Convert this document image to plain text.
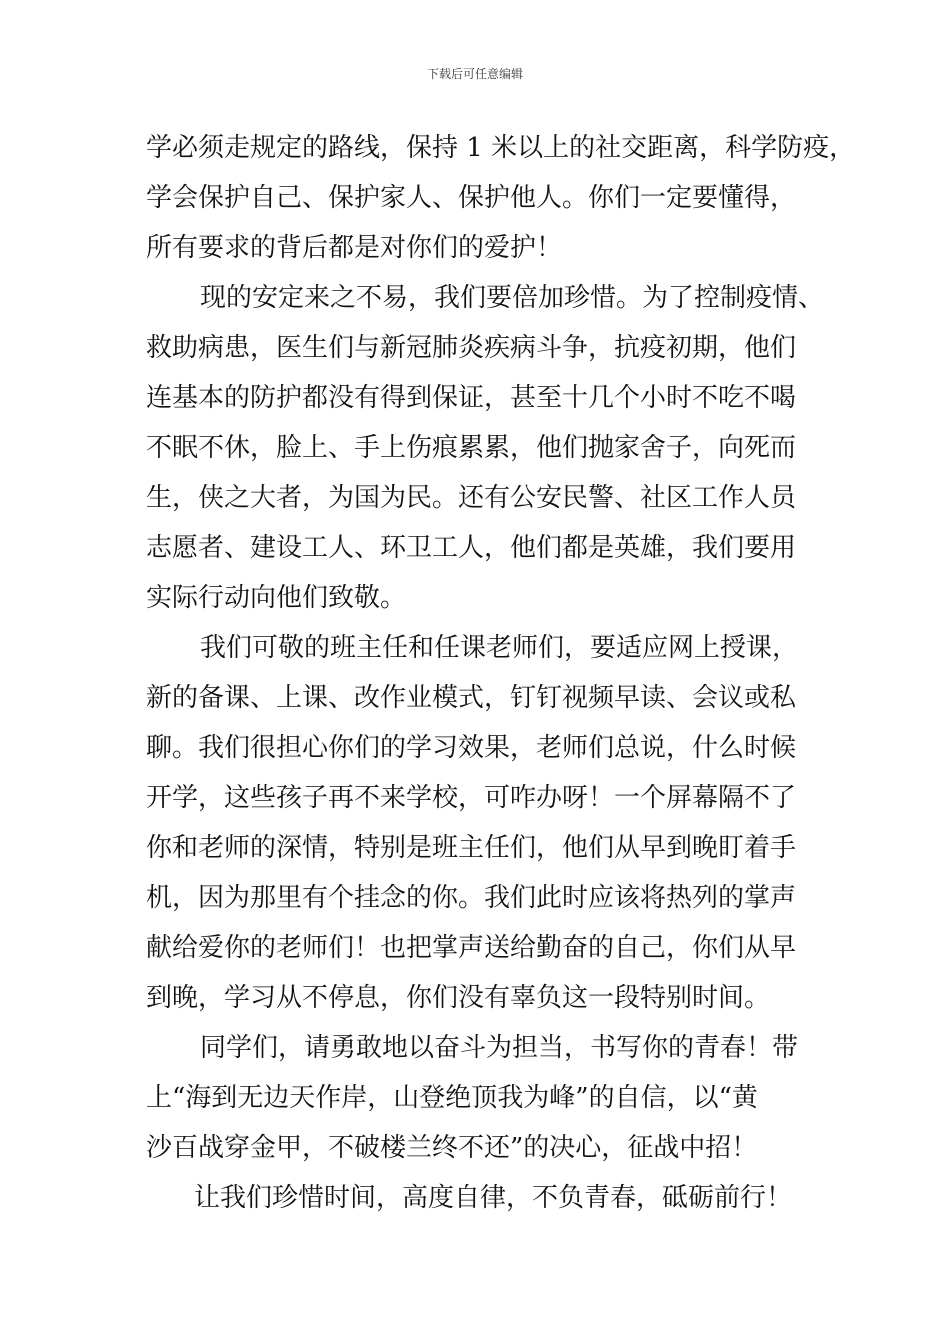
下载后可任意编辑
学必须走规定的路线，保持 1 米以上的社交距离，科学防疫，
学会保护自己、保护家人、保护他人。你们一定要懂得，
所有要求的背后都是对你们的爱护！
现的安定来之不易，我们要倍加珍惜。为了控制疫情、
救助病患，医生们与新冠肺炎疾病斗争，抗疫初期，他们
连基本的防护都没有得到保证，甚至十几个小时不吃不喝
不眠不休，脸上、手上伤痕累累，他们抛家舍子，向死而
生，侠之大者，为国为民。还有公安民警、社区工作人员
志愿者、建设工人、环卫工人，他们都是英雄，我们要用
实际行动向他们致敬。
我们可敬的班主任和任课老师们，要适应网上授课，
新的备课、上课、改作业模式，钉钉视频早读、会议或私
聊。我们很担心你们的学习效果，老师们总说，什么时候
开学，这些孩子再不来学校，可咋办呀！一个屏幕隔不了
你和老师的深情，特别是班主任们，他们从早到晚盯着手
机，因为那里有个挂念的你。我们此时应该将热列的掌声
献给爱你的老师们！也把掌声送给勤奋的自己，你们从早
到晚，学习从不停息，你们没有辜负这一段特别时间。
同学们，请勇敢地以奋斗为担当，书写你的青春！带
上“海到无边天作岸，山登绝顶我为峰”的自信，以“黄
沙百战穿金甲，不破楼兰终不还”的决心，征战中招！
让我们珍惜时间，高度自律，不负青春，砥砺前行！
